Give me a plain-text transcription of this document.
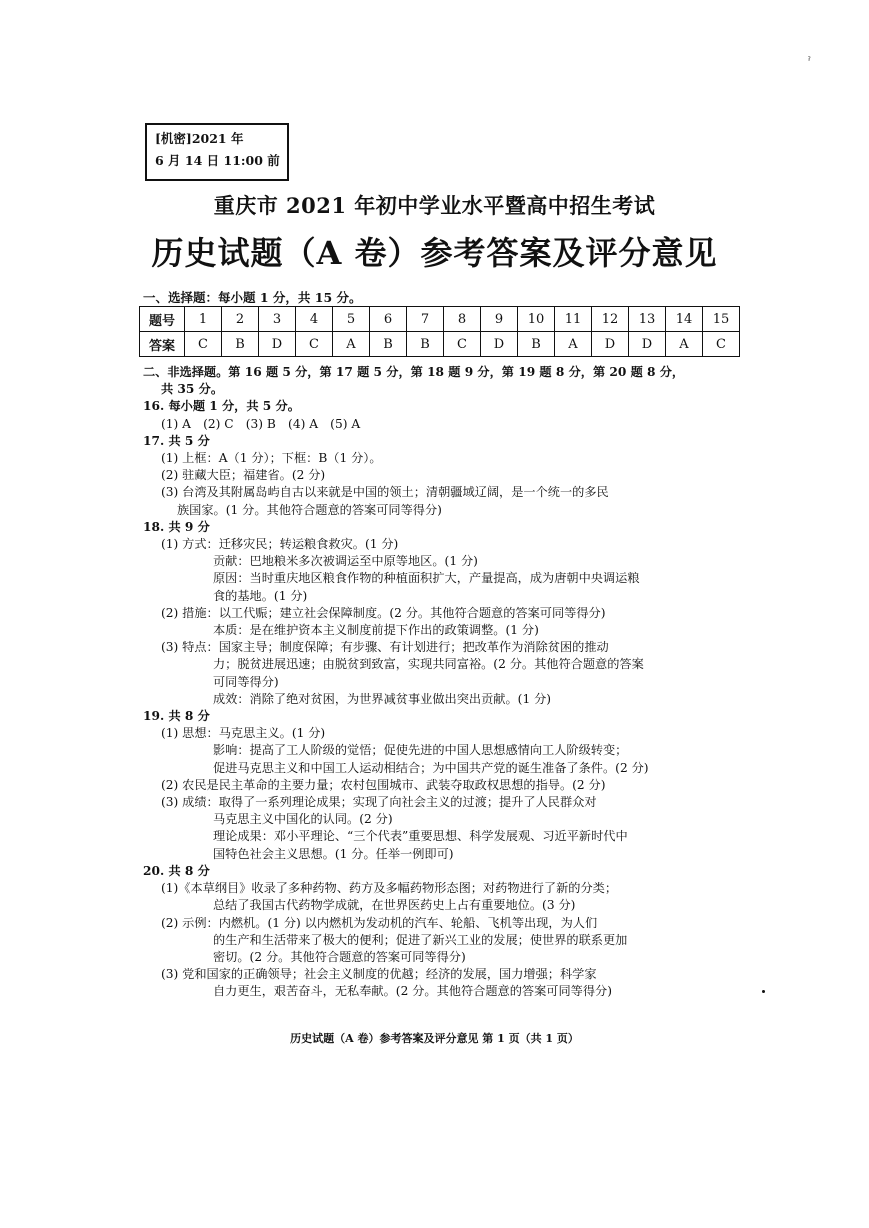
ˀ
[机密]2021 年
6 月 14 日 11:00 前
重庆市 2021 年初中学业水平暨高中招生考试
历史试题（A 卷）参考答案及评分意见
一、选择题：每小题 1 分，共 15 分。
题号	1	2	3	4	5	6	7	8	9	10	11	12	13	14	15
答案	C	B	D	C	A	B	B	C	D	B	A	D	D	A	C
二、非选择题。第 16 题 5 分，第 17 题 5 分，第 18 题 9 分，第 19 题 8 分，第 20 题 8 分，
共 35 分。
16. 每小题 1 分，共 5 分。
(1) A　(2) C　(3) B　(4) A　(5) A
17. 共 5 分
(1) 上框：A（1 分）；下框：B（1 分）。
(2) 驻藏大臣；福建省。(2 分)
(3) 台湾及其附属岛屿自古以来就是中国的领土；清朝疆域辽阔，是一个统一的多民
族国家。(1 分。其他符合题意的答案可同等得分)
18. 共 9 分
(1) 方式：迁移灾民；转运粮食救灾。(1 分)
贡献：巴地粮米多次被调运至中原等地区。(1 分)
原因：当时重庆地区粮食作物的种植面积扩大，产量提高，成为唐朝中央调运粮
食的基地。(1 分)
(2) 措施：以工代赈；建立社会保障制度。(2 分。其他符合题意的答案可同等得分)
本质：是在维护资本主义制度前提下作出的政策调整。(1 分)
(3) 特点：国家主导；制度保障；有步骤、有计划进行；把改革作为消除贫困的推动
力；脱贫进展迅速；由脱贫到致富，实现共同富裕。(2 分。其他符合题意的答案
可同等得分)
成效：消除了绝对贫困，为世界减贫事业做出突出贡献。(1 分)
19. 共 8 分
(1) 思想：马克思主义。(1 分)
影响：提高了工人阶级的觉悟；促使先进的中国人思想感情向工人阶级转变；
促进马克思主义和中国工人运动相结合；为中国共产党的诞生准备了条件。(2 分)
(2) 农民是民主革命的主要力量；农村包围城市、武装夺取政权思想的指导。(2 分)
(3) 成绩：取得了一系列理论成果；实现了向社会主义的过渡；提升了人民群众对
马克思主义中国化的认同。(2 分)
理论成果：邓小平理论、“三个代表”重要思想、科学发展观、习近平新时代中
国特色社会主义思想。(1 分。任举一例即可)
20. 共 8 分
(1)《本草纲目》收录了多种药物、药方及多幅药物形态图；对药物进行了新的分类；
总结了我国古代药物学成就，在世界医药史上占有重要地位。(3 分)
(2) 示例：内燃机。(1 分) 以内燃机为发动机的汽车、轮船、飞机等出现，为人们
的生产和生活带来了极大的便利；促进了新兴工业的发展；使世界的联系更加
密切。(2 分。其他符合题意的答案可同等得分)
(3) 党和国家的正确领导；社会主义制度的优越；经济的发展，国力增强；科学家
自力更生，艰苦奋斗，无私奉献。(2 分。其他符合题意的答案可同等得分)
历史试题（A 卷）参考答案及评分意见 第 1 页（共 1 页）
